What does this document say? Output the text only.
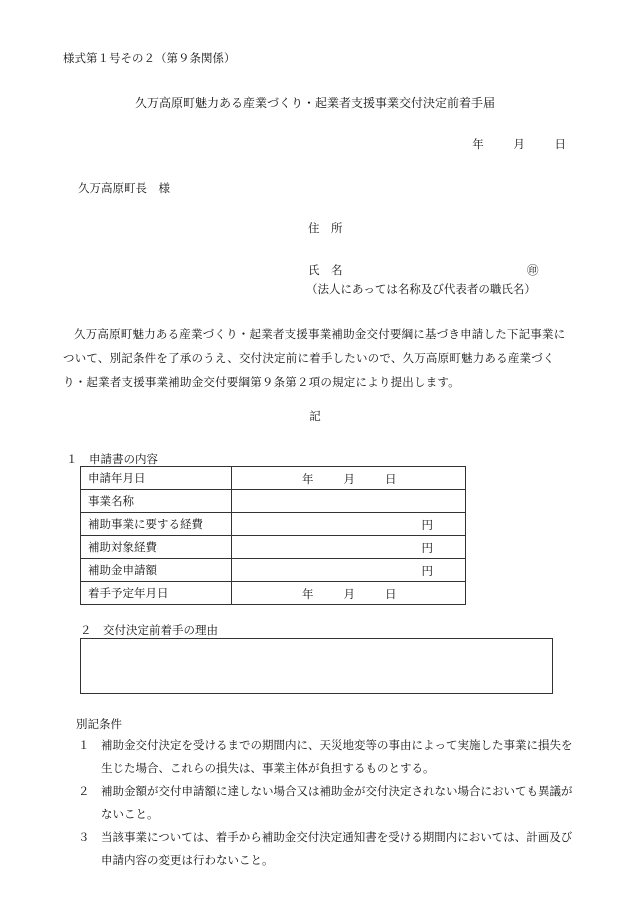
様式第１号その２（第９条関係）
久万高原町魅力ある産業づくり・起業者支援事業交付決定前着手届
年	月	日
久万高原町長　様
住　所
氏　名	㊞
（法人にあっては名称及び代表者の職氏名）
久万高原町魅力ある産業づくり・起業者支援事業補助金交付要綱に基づき申請した下記事業について、別記条件を了承のうえ、交付決定前に着手したいので、久万高原町魅力ある産業づくり・起業者支援事業補助金交付要綱第９条第２項の規定により提出します。
記
１　申請書の内容
申請年月日	年 月 日

事業名称	
補助事業に要する経費	円

補助対象経費	円

補助金申請額	円

着手予定年月日	年 月 日
２　交付決定前着手の理由
別記条件
１	補助金交付決定を受けるまでの期間内に、天災地変等の事由によって実施した事業に損失を生じた場合、これらの損失は、事業主体が負担するものとする。
２	補助金額が交付申請額に達しない場合又は補助金が交付決定されない場合においても異議がないこと。
３	当該事業については、着手から補助金交付決定通知書を受ける期間内においては、計画及び申請内容の変更は行わないこと。
